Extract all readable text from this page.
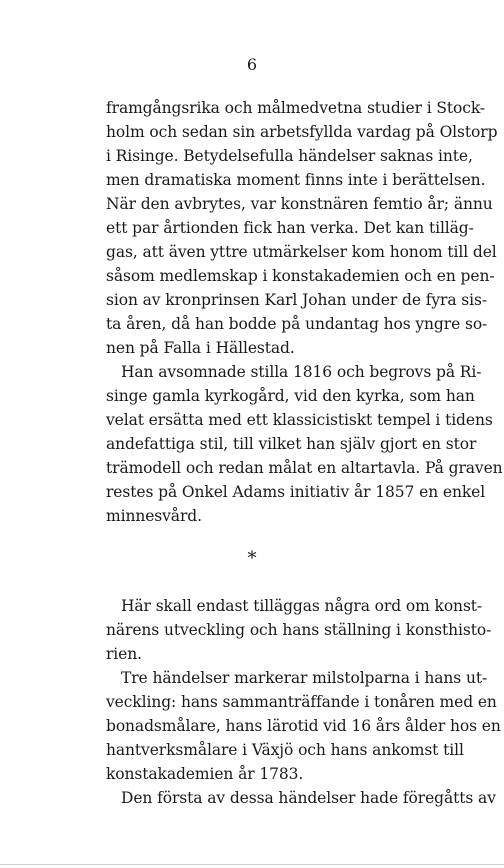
6
framgångsrika och målmedvetna studier i Stock-
holm och sedan sin arbetsfyllda vardag på Olstorp
i Risinge. Betydelsefulla händelser saknas inte,
men dramatiska moment finns inte i berättelsen.
När den avbrytes, var konstnären femtio år; ännu
ett par årtionden fick han verka. Det kan tilläg-
gas, att även yttre utmärkelser kom honom till del
såsom medlemskap i konstakademien och en pen-
sion av kronprinsen Karl Johan under de fyra sis-
ta åren, då han bodde på undantag hos yngre so-
nen på Falla i Hällestad.
Han avsomnade stilla 1816 och begrovs på Ri-
singe gamla kyrkogård, vid den kyrka, som han
velat ersätta med ett klassicistiskt tempel i tidens
andefattiga stil, till vilket han själv gjort en stor
trämodell och redan målat en altartavla. På graven
restes på Onkel Adams initiativ år 1857 en enkel
minnesvård.
*
Här skall endast tilläggas några ord om konst-
närens utveckling och hans ställning i konsthisto-
rien.
Tre händelser markerar milstolparna i hans ut-
veckling: hans sammanträffande i tonåren med en
bonadsmålare, hans lärotid vid 16 års ålder hos en
hantverksmålare i Växjö och hans ankomst till
konstakademien år 1783.
Den första av dessa händelser hade föregåtts av
